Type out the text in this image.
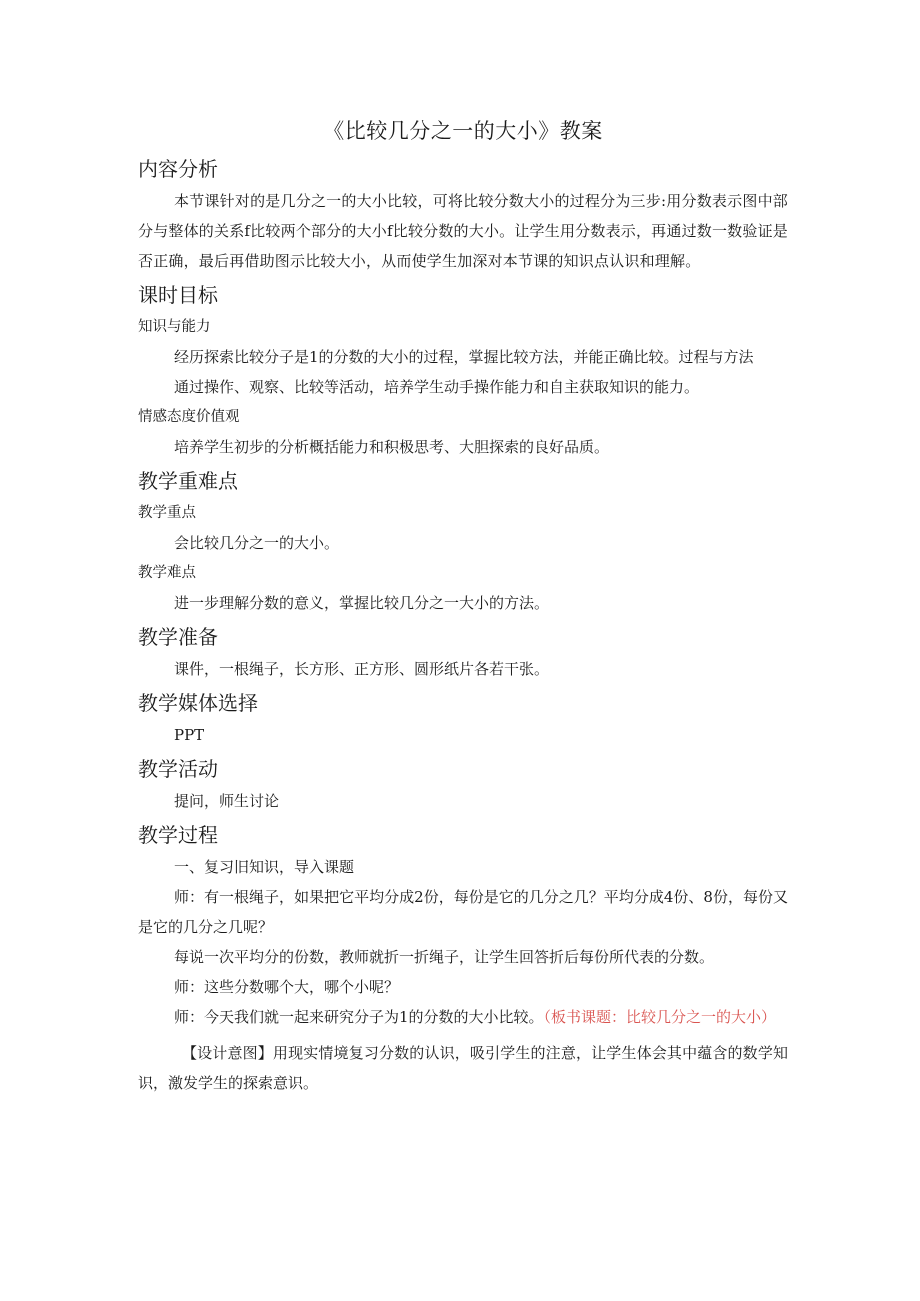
《比较几分之一的大小》教案
内容分析

本节课针对的是几分之一的大小比较，可将比较分数大小的过程分为三步:用分数表示图中部分与整体的关系f比较两个部分的大小f比较分数的大小。让学生用分数表示，再通过数一数验证是否正确，最后再借助图示比较大小，从而使学生加深对本节课的知识点认识和理解。

课时目标

知识与能力

经历探索比较分子是1的分数的大小的过程，掌握比较方法，并能正确比较。过程与方法

通过操作、观察、比较等活动，培养学生动手操作能力和自主获取知识的能力。

情感态度价值观

培养学生初步的分析概括能力和积极思考、大胆探索的良好品质。

教学重难点

教学重点

会比较几分之一的大小。

教学难点

进一步理解分数的意义，掌握比较几分之一大小的方法。

教学准备

课件，一根绳子，长方形、正方形、圆形纸片各若干张。

教学媒体选择

PPT

教学活动

提问，师生讨论

教学过程

一、复习旧知识，导入课题

师：有一根绳子，如果把它平均分成2份，每份是它的几分之几？平均分成4份、8份，每份又是它的几分之几呢？

每说一次平均分的份数，教师就折一折绳子，让学生回答折后每份所代表的分数。

师：这些分数哪个大，哪个小呢？

师：今天我们就一起来研究分子为1的分数的大小比较。（板书课题：比较几分之一的大小）

【设计意图】用现实情境复习分数的认识，吸引学生的注意，让学生体会其中蕴含的数学知识，激发学生的探索意识。
